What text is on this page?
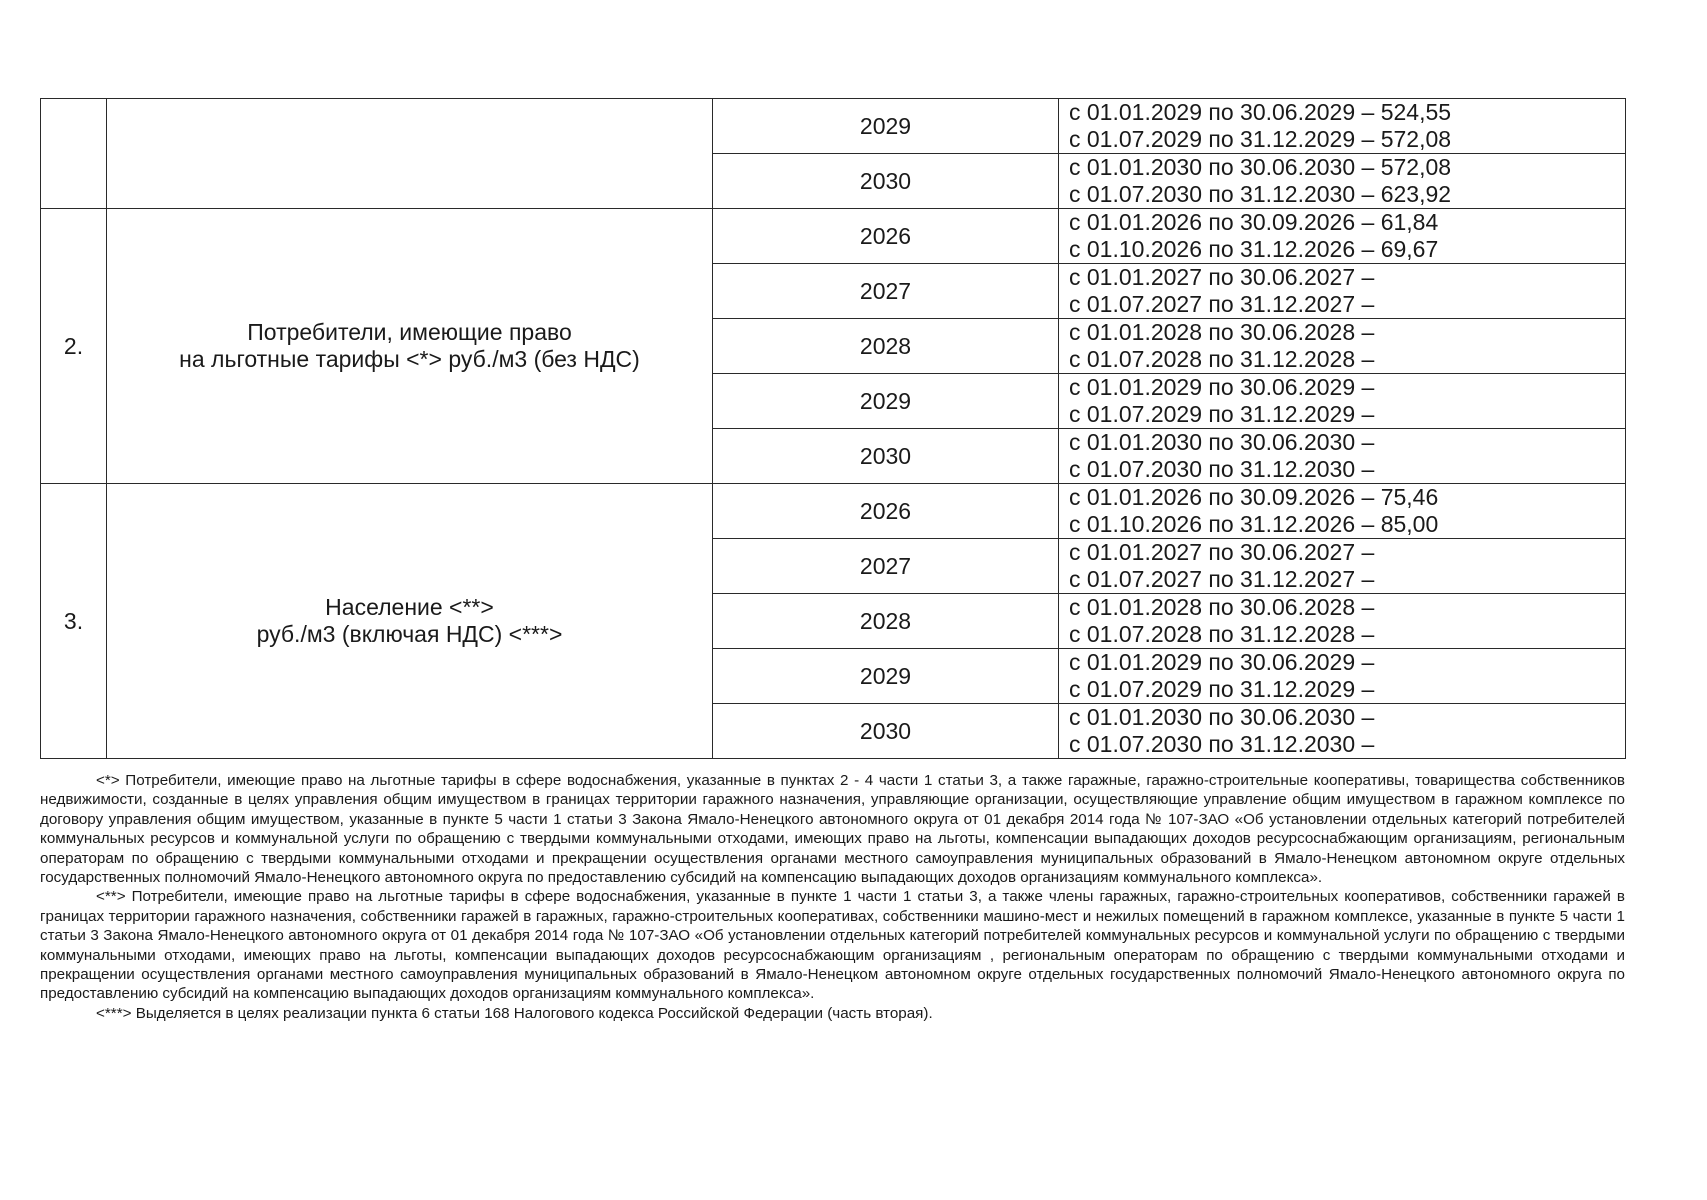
		2029	с 01.01.2029 по 30.06.2029 – 524,55
с 01.07.2029 по 31.12.2029 – 572,08

		2030	с 01.01.2030 по 30.06.2030 – 572,08
с 01.07.2030 по 31.12.2030 – 623,92

2.	Потребители, имеющие право
на льготные тарифы <*> руб./м3 (без НДС)	2026	с 01.01.2026 по 30.09.2026 – 61,84
с 01.10.2026 по 31.12.2026 – 69,67

		2027	с 01.01.2027 по 30.06.2027 –
с 01.07.2027 по 31.12.2027 –

		2028	с 01.01.2028 по 30.06.2028 –
с 01.07.2028 по 31.12.2028 –

		2029	с 01.01.2029 по 30.06.2029 –
с 01.07.2029 по 31.12.2029 –

		2030	с 01.01.2030 по 30.06.2030 –
с 01.07.2030 по 31.12.2030 –

3.	Население <**>
руб./м3 (включая НДС) <***>	2026	с 01.01.2026 по 30.09.2026 – 75,46
с 01.10.2026 по 31.12.2026 – 85,00

		2027	с 01.01.2027 по 30.06.2027 –
с 01.07.2027 по 31.12.2027 –

		2028	с 01.01.2028 по 30.06.2028 –
с 01.07.2028 по 31.12.2028 –

		2029	с 01.01.2029 по 30.06.2029 –
с 01.07.2029 по 31.12.2029 –

		2030	с 01.01.2030 по 30.06.2030 –
с 01.07.2030 по 31.12.2030 –

<*> Потребители, имеющие право на льготные тарифы в сфере водоснабжения, указанные в пунктах 2 - 4 части 1 статьи 3, а также гаражные, гаражно-строительные кооперативы, товарищества собственников недвижимости, созданные в целях управления общим имуществом в границах территории гаражного назначения, управляющие организации, осуществляющие управление общим имуществом в гаражном комплексе по договору управления общим имуществом, указанные в пункте 5 части 1 статьи 3 Закона Ямало-Ненецкого автономного округа от 01 декабря 2014 года № 107-ЗАО «Об установлении отдельных категорий потребителей коммунальных ресурсов и коммунальной услуги по обращению с твердыми коммунальными отходами, имеющих право на льготы, компенсации выпадающих доходов ресурсоснабжающим организациям, региональным операторам по обращению с твердыми коммунальными отходами и прекращении осуществления органами местного самоуправления муниципальных образований в Ямало-Ненецком автономном округе отдельных государственных полномочий Ямало-Ненецкого автономного округа по предоставлению субсидий на компенсацию выпадающих доходов организациям коммунального комплекса».

<**> Потребители, имеющие право на льготные тарифы в сфере водоснабжения, указанные в пункте 1 части 1 статьи 3, а также члены гаражных, гаражно-строительных кооперативов, собственники гаражей в границах территории гаражного назначения, собственники гаражей в гаражных, гаражно-строительных кооперативах, собственники машино-мест и нежилых помещений в гаражном комплексе, указанные в пункте 5 части 1 статьи 3 Закона Ямало-Ненецкого автономного округа от 01 декабря 2014 года № 107-ЗАО «Об установлении отдельных категорий потребителей коммунальных ресурсов и коммунальной услуги по обращению с твердыми коммунальными отходами, имеющих право на льготы, компенсации выпадающих доходов ресурсоснабжающим организациям , региональным операторам по обращению с твердыми коммунальными отходами и прекращении осуществления органами местного самоуправления муниципальных образований в Ямало-Ненецком автономном округе отдельных государственных полномочий Ямало-Ненецкого автономного округа по предоставлению субсидий на компенсацию выпадающих доходов организациям коммунального комплекса».

<***> Выделяется в целях реализации пункта 6 статьи 168 Налогового кодекса Российской Федерации (часть вторая).
